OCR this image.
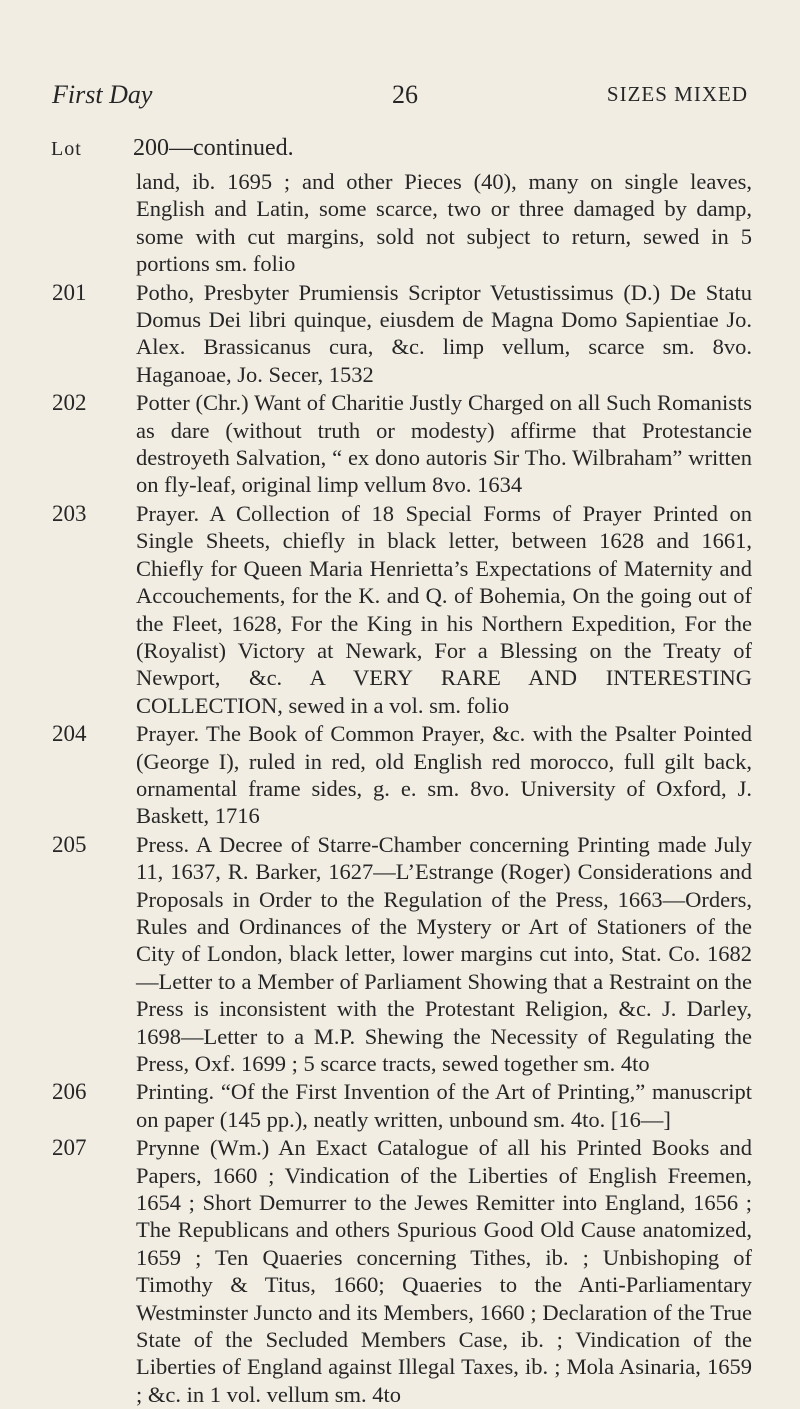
First Day	26	SIZES MIXED
Lot 200—continued.
land, ib. 1695 ; and other Pieces (40), many on single leaves, English and Latin, some scarce, two or three damaged by damp, some with cut margins, sold not subject to return, sewed in 5 portions sm. folio
201 Potho, Presbyter Prumiensis Scriptor Vetustissimus (D.) De Statu Domus Dei libri quinque, eiusdem de Magna Domo Sapientiae Jo. Alex. Brassicanus cura, &c. limp vellum, scarce sm. 8vo. Haganoae, Jo. Secer, 1532
202 Potter (Chr.) Want of Charitie Justly Charged on all Such Romanists as dare (without truth or modesty) affirme that Protestancie destroyeth Salvation, “ ex dono autoris Sir Tho. Wilbraham” written on fly-leaf, original limp vellum 8vo. 1634
203 Prayer. A Collection of 18 Special Forms of Prayer Printed on Single Sheets, chiefly in black letter, between 1628 and 1661, Chiefly for Queen Maria Henrietta’s Expectations of Maternity and Accouchements, for the K. and Q. of Bohemia, On the going out of the Fleet, 1628, For the King in his Northern Expedition, For the (Royalist) Victory at Newark, For a Blessing on the Treaty of Newport, &c. A VERY RARE AND INTERESTING COLLECTION, sewed in a vol. sm. folio
204 Prayer. The Book of Common Prayer, &c. with the Psalter Pointed (George I), ruled in red, old English red morocco, full gilt back, ornamental frame sides, g. e. sm. 8vo. University of Oxford, J. Baskett, 1716
205 Press. A Decree of Starre-Chamber concerning Printing made July 11, 1637, R. Barker, 1627—L’Estrange (Roger) Considerations and Proposals in Order to the Regulation of the Press, 1663—Orders, Rules and Ordinances of the Mystery or Art of Stationers of the City of London, black letter, lower margins cut into, Stat. Co. 1682—Letter to a Member of Parliament Showing that a Restraint on the Press is inconsistent with the Protestant Religion, &c. J. Darley, 1698—Letter to a M.P. Shewing the Necessity of Regulating the Press, Oxf. 1699 ; 5 scarce tracts, sewed together sm. 4to
206 Printing. “Of the First Invention of the Art of Printing,” manuscript on paper (145 pp.), neatly written, unbound sm. 4to. [16—]
207 Prynne (Wm.) An Exact Catalogue of all his Printed Books and Papers, 1660 ; Vindication of the Liberties of English Freemen, 1654 ; Short Demurrer to the Jewes Remitter into England, 1656 ; The Republicans and others Spurious Good Old Cause anatomized, 1659 ; Ten Quaeries concerning Tithes, ib. ; Unbishoping of Timothy & Titus, 1660; Quaeries to the Anti-Parliamentary Westminster Juncto and its Members, 1660 ; Declaration of the True State of the Secluded Members Case, ib. ; Vindication of the Liberties of England against Illegal Taxes, ib. ; Mola Asinaria, 1659 ; &c. in 1 vol. vellum sm. 4to
